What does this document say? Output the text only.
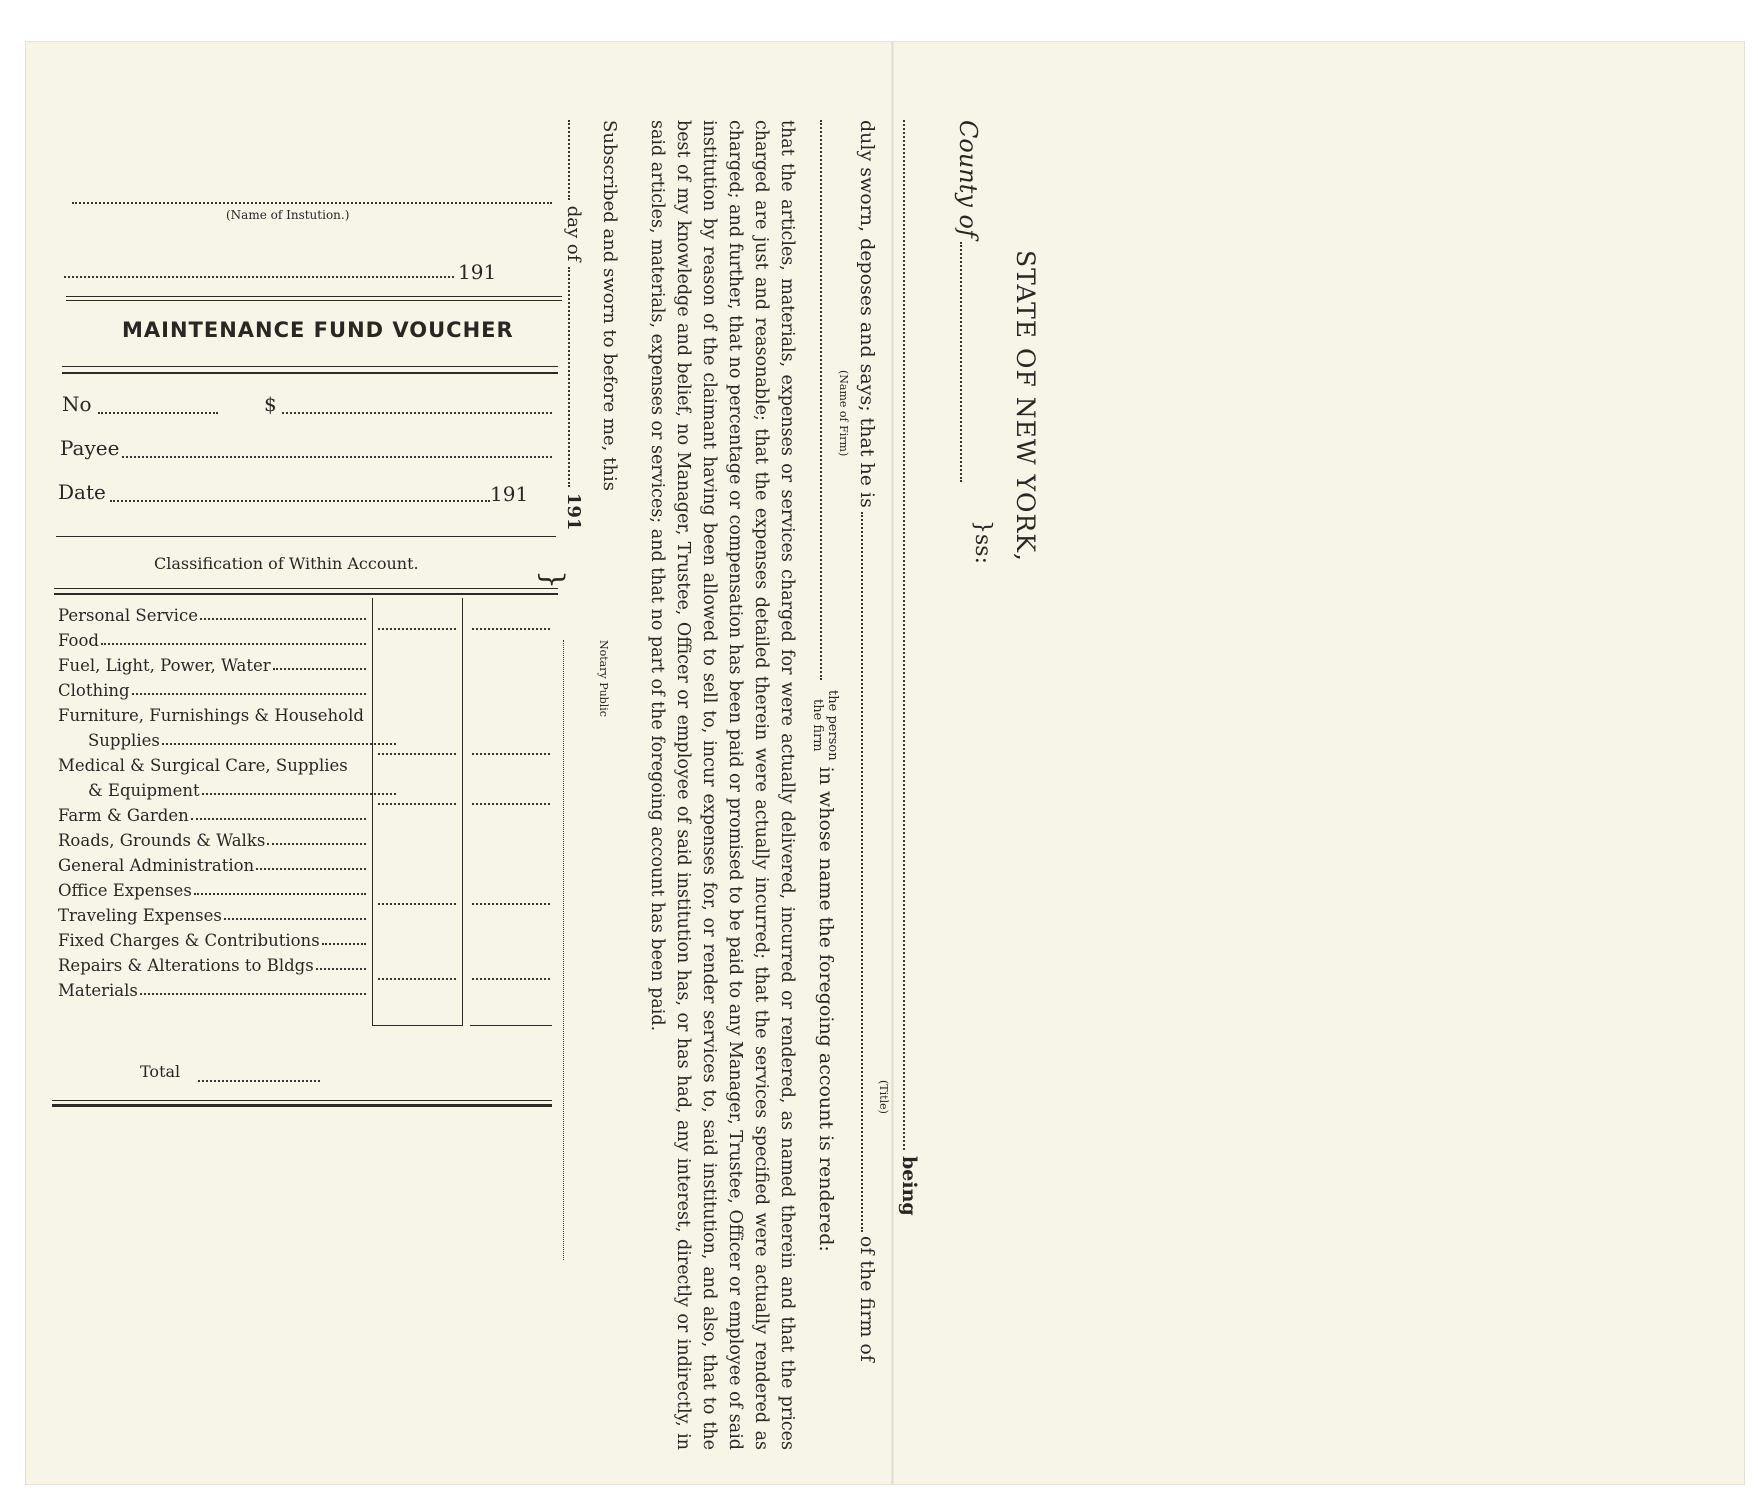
(Name of Instution.)
191
MAINTENANCE FUND VOUCHER
No	$
Payee
Date	191
Classification of Within Account.
Personal Service
Food
Fuel, Light, Power, Water
Clothing
Furniture, Furnishings & Household
Supplies
Medical & Surgical Care, Supplies
& Equipment
Farm & Garden
Roads, Grounds & Walks
General Administration
Office Expenses
Traveling Expenses
Fixed Charges & Contributions
Repairs & Alterations to Bldgs
Materials
Total
STATE OF NEW YORK,
County of
}ss:
being
duly sworn, deposes and says; that he isof the firm of
(Title)
the person
the firm in whose name the foregoing account is rendered:
(Name of Firm)
that the articles, materials, expenses or services charged for were actually delivered, incurred or rendered, as named therein and that the prices charged are just and reasonable; that the expenses detailed therein were actually incurred; that the services specified were actually rendered as charged; and further, that no percentage or compensation has been paid or promised to be paid to any Manager, Trustee, Officer or employee of said institution by reason of the claimant having been allowed to sell to, incur expenses for, or render services to, said institution, and also, that to the best of my knowledge and belief, no Manager, Trustee, Officer or employee of said institution has, or has had, any interest, directly or indirectly, in said articles, materials, expenses or services; and that no part of the foregoing account has been paid.
Subscribed and sworn to before me, this
day of  191
}
Notary Public
